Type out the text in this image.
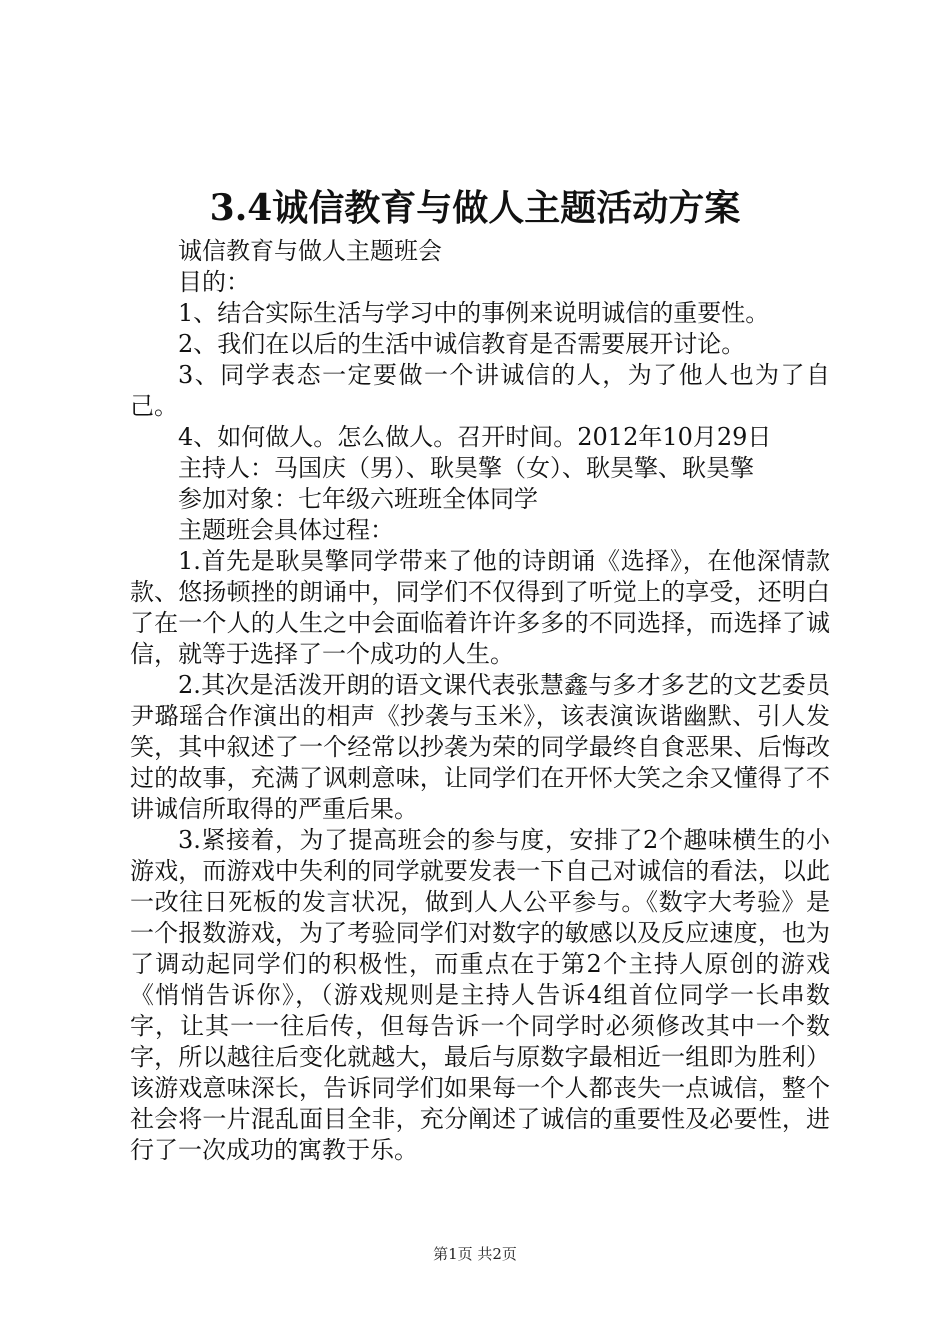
3.4诚信教育与做人主题活动方案

诚信教育与做人主题班会

目的：

1、结合实际生活与学习中的事例来说明诚信的重要性。

2、我们在以后的生活中诚信教育是否需要展开讨论。

3、同学表态一定要做一个讲诚信的人，为了他人也为了自己。

4、如何做人。怎么做人。召开时间。2012年10月29日

主持人：马国庆（男）、耿昊擎（女）、耿昊擎、耿昊擎

参加对象：七年级六班班全体同学

主题班会具体过程：

1.首先是耿昊擎同学带来了他的诗朗诵《选择》，在他深情款款、悠扬顿挫的朗诵中，同学们不仅得到了听觉上的享受，还明白了在一个人的人生之中会面临着许许多多的不同选择，而选择了诚信，就等于选择了一个成功的人生。

2.其次是活泼开朗的语文课代表张慧鑫与多才多艺的文艺委员尹璐瑶合作演出的相声《抄袭与玉米》，该表演诙谐幽默、引人发笑，其中叙述了一个经常以抄袭为荣的同学最终自食恶果、后悔改过的故事，充满了讽刺意味，让同学们在开怀大笑之余又懂得了不讲诚信所取得的严重后果。

3.紧接着，为了提高班会的参与度，安排了2个趣味横生的小游戏，而游戏中失利的同学就要发表一下自己对诚信的看法，以此一改往日死板的发言状况，做到人人公平参与。《数字大考验》是一个报数游戏，为了考验同学们对数字的敏感以及反应速度，也为了调动起同学们的积极性，而重点在于第2个主持人原创的游戏《悄悄告诉你》，（游戏规则是主持人告诉4组首位同学一长串数字，让其一一往后传，但每告诉一个同学时必须修改其中一个数字，所以越往后变化就越大，最后与原数字最相近一组即为胜利）该游戏意味深长，告诉同学们如果每一个人都丧失一点诚信，整个社会将一片混乱面目全非，充分阐述了诚信的重要性及必要性，进行了一次成功的寓教于乐。

第1页 共2页
